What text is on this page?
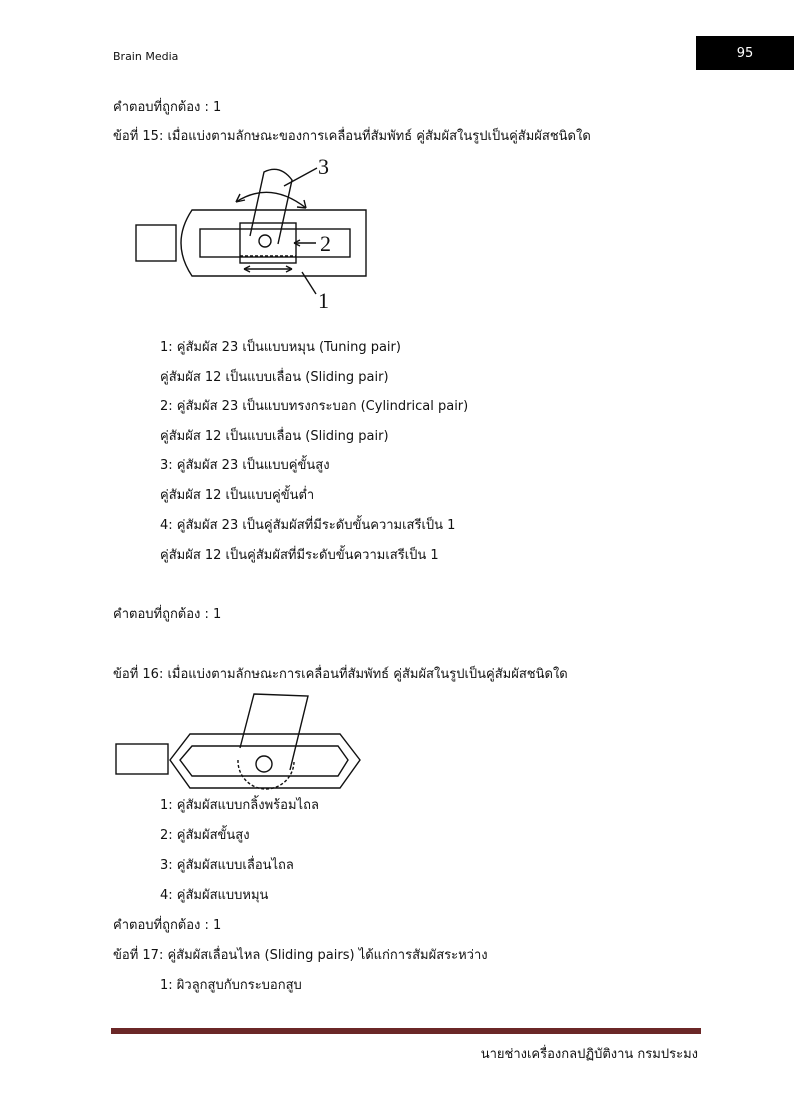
Brain Media	95
คำตอบที่ถูกต้อง : 1
ข้อที่ 15: เมื่อแบ่งตามลักษณะของการเคลื่อนที่สัมพัทธ์ คู่สัมผัสในรูปเป็นคู่สัมผัสชนิดใด
3
2
1
1: คู่สัมผัส 23 เป็นแบบหมุน (Tuning pair)
คู่สัมผัส 12 เป็นแบบเลื่อน (Sliding pair)
2: คู่สัมผัส 23 เป็นแบบทรงกระบอก (Cylindrical pair)
คู่สัมผัส 12 เป็นแบบเลื่อน (Sliding pair)
3: คู่สัมผัส 23 เป็นแบบคู่ขั้นสูง
คู่สัมผัส 12 เป็นแบบคู่ขั้นต่ำ
4: คู่สัมผัส 23 เป็นคู่สัมผัสที่มีระดับขั้นความเสรีเป็น 1
คู่สัมผัส 12 เป็นคู่สัมผัสที่มีระดับขั้นความเสรีเป็น 1
คำตอบที่ถูกต้อง : 1
ข้อที่ 16: เมื่อแบ่งตามลักษณะการเคลื่อนที่สัมพัทธ์ คู่สัมผัสในรูปเป็นคู่สัมผัสชนิดใด
1: คู่สัมผัสแบบกลิ้งพร้อมไถล
2: คู่สัมผัสขั้นสูง
3: คู่สัมผัสแบบเลื่อนไถล
4: คู่สัมผัสแบบหมุน
คำตอบที่ถูกต้อง : 1
ข้อที่ 17: คู่สัมผัสเลื่อนไหล (Sliding pairs) ได้แก่การสัมผัสระหว่าง
1: ผิวลูกสูบกับกระบอกสูบ
นายช่างเครื่องกลปฏิบัติงาน กรมประมง
